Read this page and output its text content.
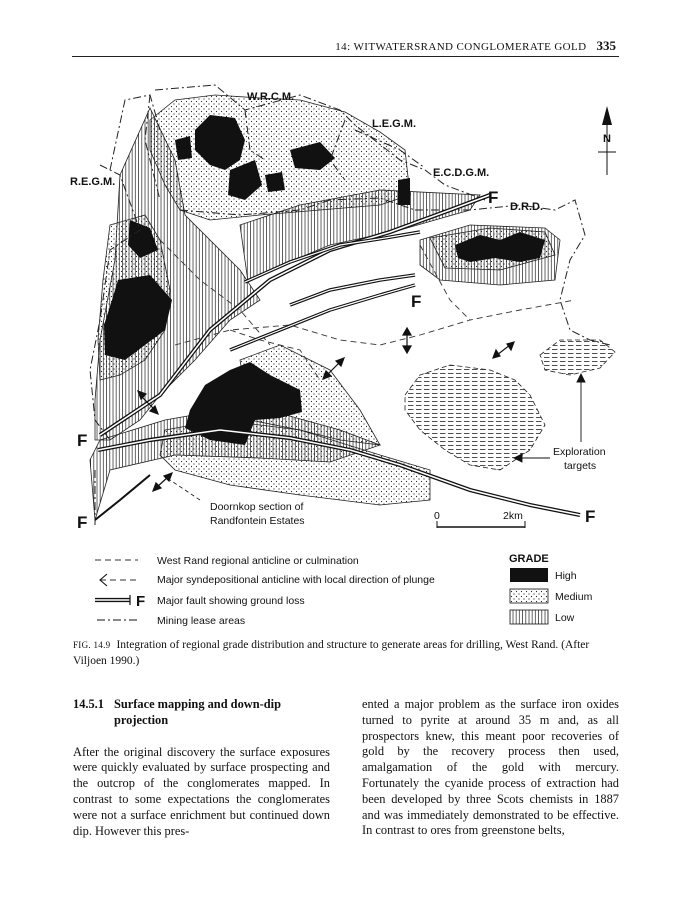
14: WITWATERSRAND CONGLOMERATE GOLD 335
N
W.R.C.M.
L.E.G.M.
R.E.G.M.
E.C.D.G.M.
D.R.D.
F
F
F
F	F
Doornkop section of
Randfontein Estates
Exploration
targets
0	2km
West Rand regional anticline or culmination
Major syndepositional anticline with local direction of plunge
F Major fault showing ground loss
Mining lease areas
GRADE
High
Medium
Low
FIG. 14.9 Integration of regional grade distribution and structure to generate areas for drilling, West Rand. (After Viljoen 1990.)
14.5.1 Surface mapping and down-dip projection

After the original discovery the surface exposures were quickly evaluated by surface prospecting and the outcrop of the conglomerates mapped. In contrast to some expectations the conglomerates were not a surface enrichment but continued down dip. However this pres-

ented a major problem as the surface iron oxides turned to pyrite at around 35 m and, as all prospectors knew, this meant poor recoveries of gold by the recovery process then used, amalgamation of the gold with mercury. Fortunately the cyanide process of extraction had been developed by three Scots chemists in 1887 and was immediately demonstrated to be effective. In contrast to ores from greenstone belts,
